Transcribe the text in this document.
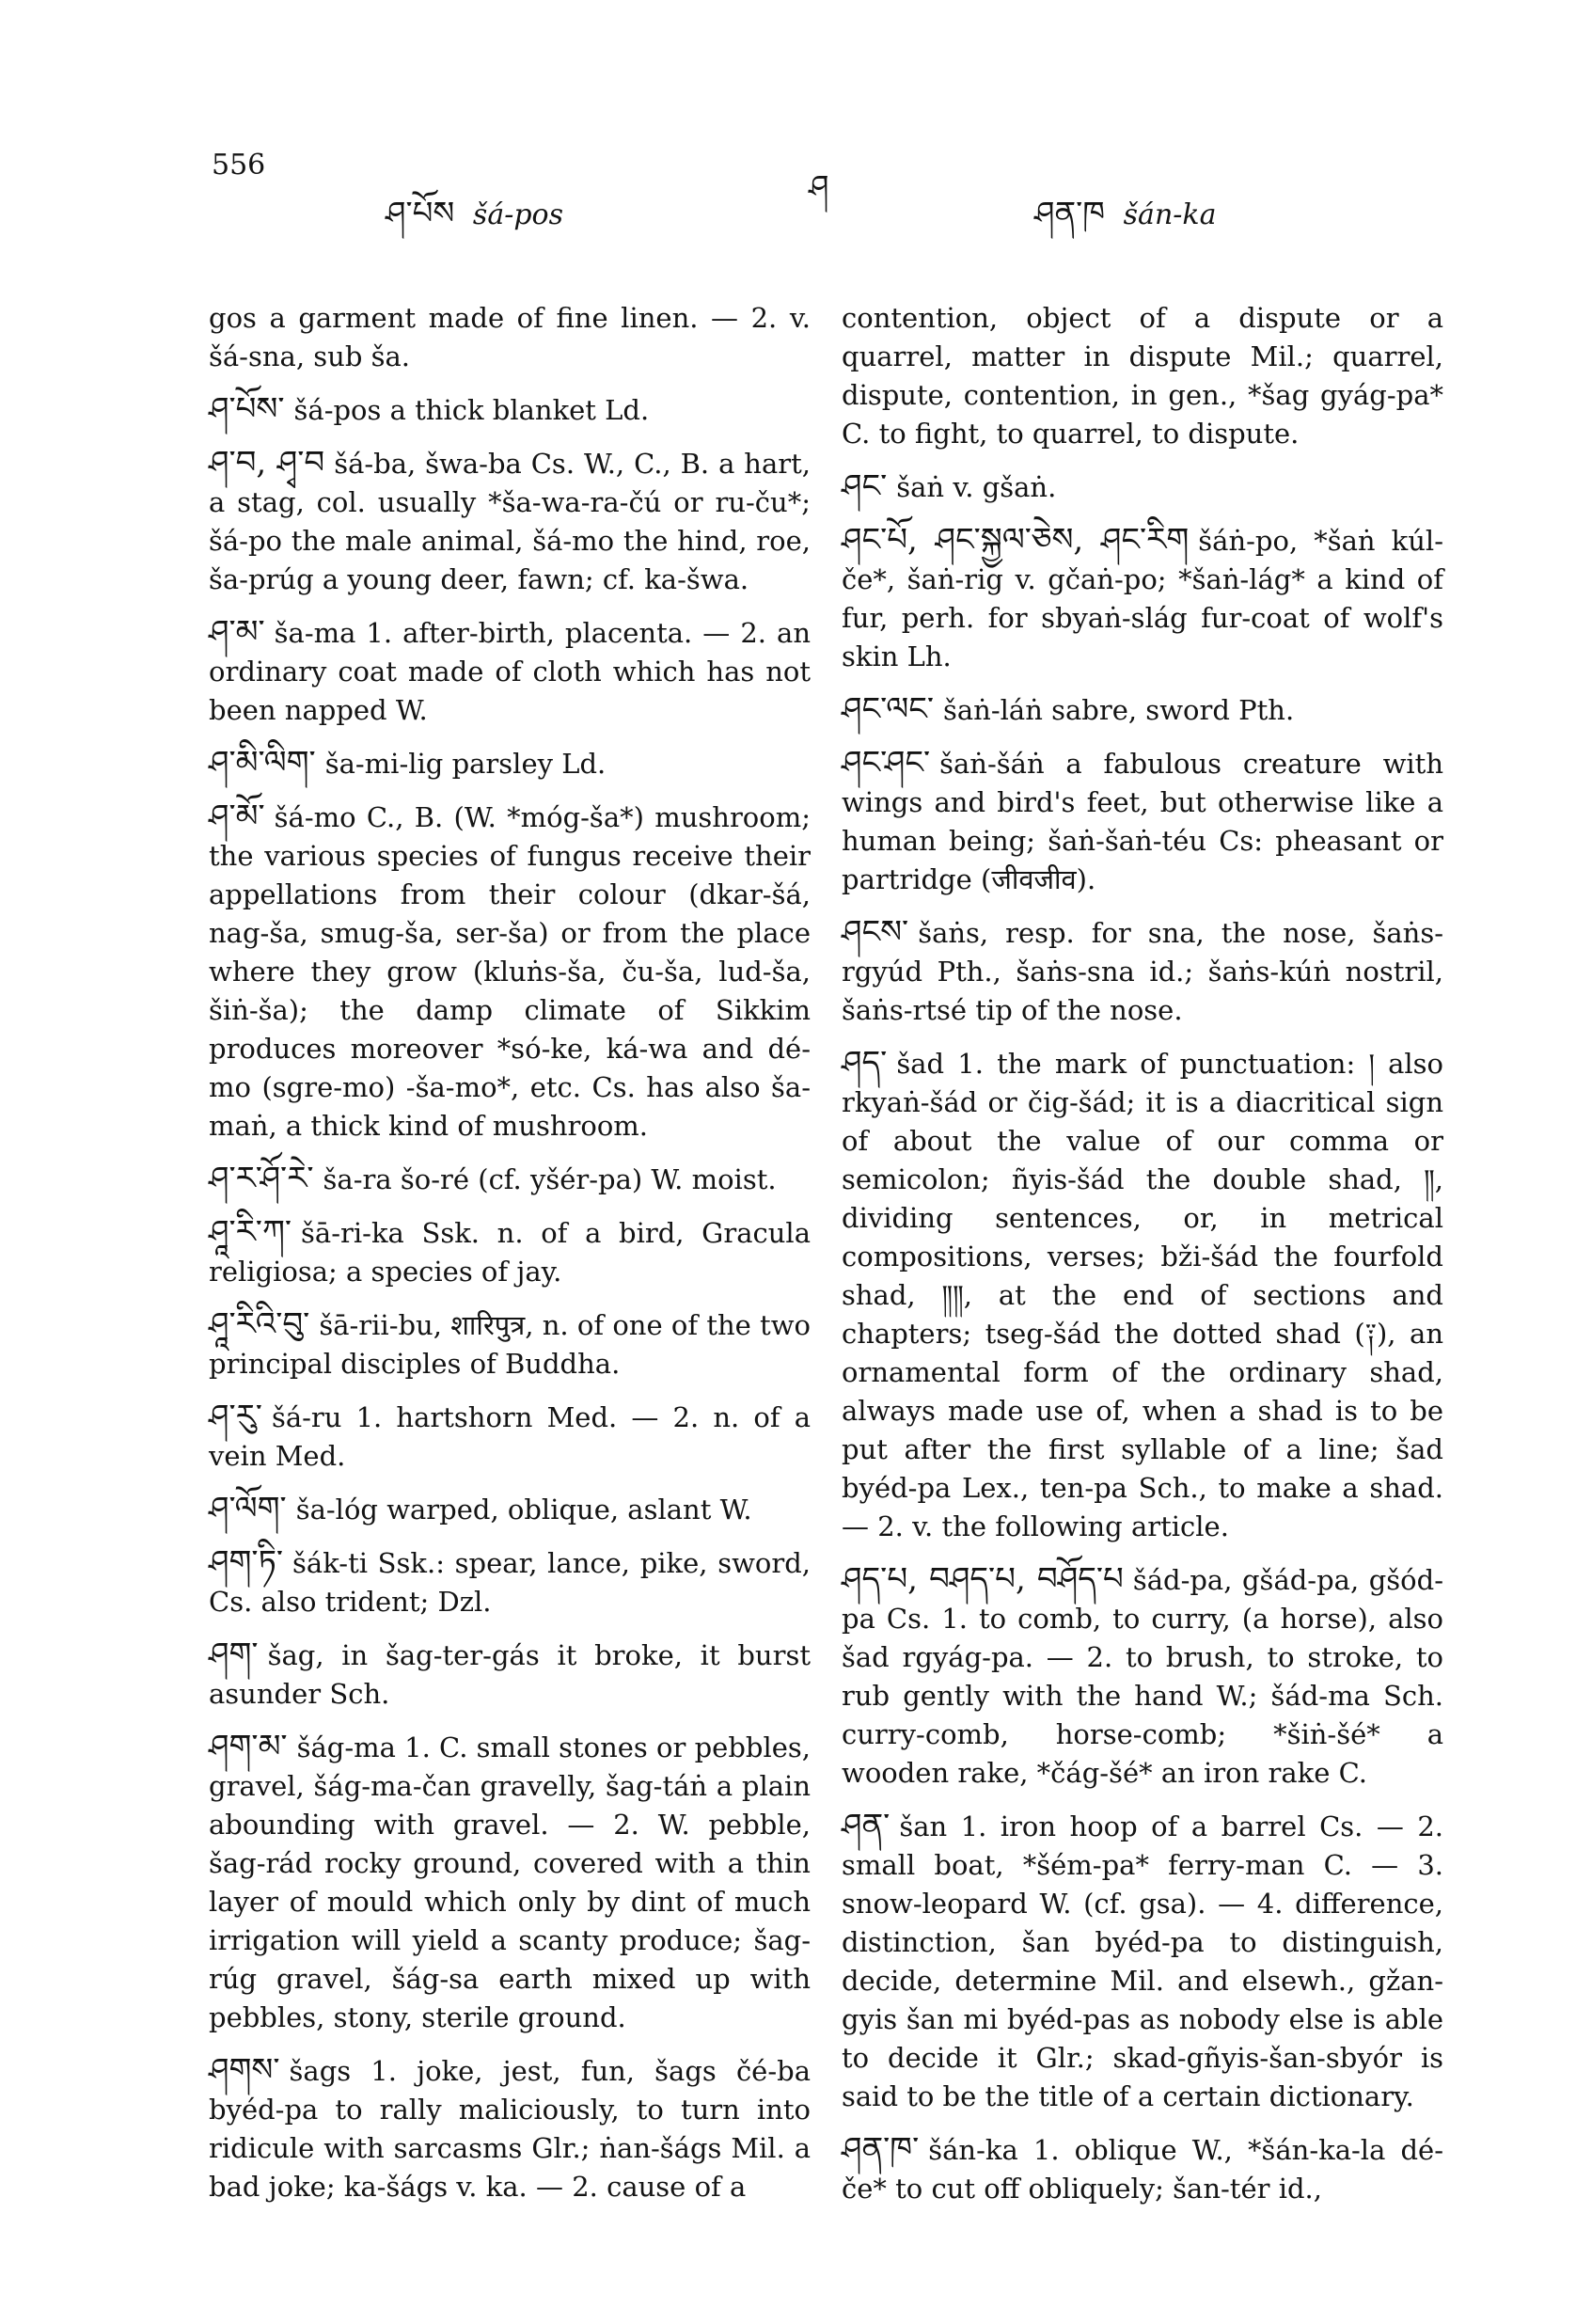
556
ཤ་པོས šá-pos
ཤ
ཤན་ཁ šán-ka

gos a garment made of fine linen. — 2. v. šá-sna, sub ša.

ཤ་པོས་ šá-pos a thick blanket Ld.

ཤ་བ, ཤྭ་བ šá-ba, šwa-ba Cs. W., C., B. a hart, a stag, col. usually *ša-wa-ra-čú or ru-ču*; šá-po the male animal, šá-mo the hind, roe, ša-prúg a young deer, fawn; cf. ka-šwa.

ཤ་མ་ ša-ma 1. after-birth, placenta. — 2. an ordinary coat made of cloth which has not been napped W.

ཤ་མི་ལིག་ ša-mi-lig parsley Ld.

ཤ་མོ་ šá-mo C., B. (W. *móg-ša*) mushroom; the various species of fungus receive their appellations from their colour (dkar-šá, nag-ša, smug-ša, ser-ša) or from the place where they grow (kluṅs-ša, ču-ša, lud-ša, šiṅ-ša); the damp climate of Sikkim produces moreover *só-ke, ká-wa and dé-mo (sgre-mo) -ša-mo*, etc. Cs. has also ša-maṅ, a thick kind of mushroom.

ཤ་ར་ཤོ་རེ་ ša-ra šo-ré (cf. yšér-pa) W. moist.

ཤཱ་རི་ཀ་ šā-ri-ka Ssk. n. of a bird, Gracula religiosa; a species of jay.

ཤཱ་རིའི་བུ་ šā-rii-bu, शारिपुत्र, n. of one of the two principal disciples of Buddha.

ཤ་རུ་ šá-ru 1. hartshorn Med. — 2. n. of a vein Med.

ཤ་ལོག་ ša-lóg warped, oblique, aslant W.

ཤག་ཏི་ šák-ti Ssk.: spear, lance, pike, sword, Cs. also trident; Dzl.

ཤག་ šag, in šag-ter-gás it broke, it burst asunder Sch.

ཤག་མ་ šág-ma 1. C. small stones or pebbles, gravel, šág-ma-čan gravelly, šag-táṅ a plain abounding with gravel. — 2. W. pebble, šag-rád rocky ground, covered with a thin layer of mould which only by dint of much irrigation will yield a scanty produce; šag-rúg gravel, šág-sa earth mixed up with pebbles, stony, sterile ground.

ཤགས་ šags 1. joke, jest, fun, šags čé-ba byéd-pa to rally maliciously, to turn into ridicule with sarcasms Glr.; ṅan-šágs Mil. a bad joke; ka-šágs v. ka. — 2. cause of a

contention, object of a dispute or a quarrel, matter in dispute Mil.; quarrel, dispute, contention, in gen., *šag gyág-pa* C. to fight, to quarrel, to dispute.

ཤང་ šaṅ v. gšaṅ.

ཤང་པོ, ཤང་སྐྱལ་ཅེས, ཤང་རིག šáṅ-po, *šaṅ kúl-če*, šaṅ-rig v. gčaṅ-po; *šaṅ-lág* a kind of fur, perh. for sbyaṅ-slág fur-coat of wolf's skin Lh.

ཤང་ལང་ šaṅ-láṅ sabre, sword Pth.

ཤང་ཤང་ šaṅ-šáṅ a fabulous creature with wings and bird's feet, but otherwise like a human being; šaṅ-šaṅ-téu Cs: pheasant or partridge (जीवजीव).

ཤངས་ šaṅs, resp. for sna, the nose, šaṅs-rgyúd Pth., šaṅs-sna id.; šaṅs-kúṅ nostril, šaṅs-rtsé tip of the nose.

ཤད་ šad 1. the mark of punctuation: ། also rkyaṅ-šád or čig-šád; it is a diacritical sign of about the value of our comma or semicolon; ñyis-šád the double shad, ༎, dividing sentences, or, in metrical compositions, verses; bži-šád the fourfold shad, ༎༎, at the end of sections and chapters; tseg-šád the dotted shad (༑), an ornamental form of the ordinary shad, always made use of, when a shad is to be put after the first syllable of a line; šad byéd-pa Lex., ten-pa Sch., to make a shad. — 2. v. the following article.

ཤད་པ, བཤད་པ, བཤོད་པ šád-pa, gšád-pa, gšód-pa Cs. 1. to comb, to curry, (a horse), also šad rgyág-pa. — 2. to brush, to stroke, to rub gently with the hand W.; šád-ma Sch. curry-comb, horse-comb; *šiṅ-šé* a wooden rake, *čág-šé* an iron rake C.

ཤན་ šan 1. iron hoop of a barrel Cs. — 2. small boat, *šém-pa* ferry-man C. — 3. snow-leopard W. (cf. gsa). — 4. difference, distinction, šan byéd-pa to distinguish, decide, determine Mil. and elsewh., gžan-gyis šan mi byéd-pas as nobody else is able to decide it Glr.; skad-gñyis-šan-sbyór is said to be the title of a certain dictionary.

ཤན་ཁ་ šán-ka 1. oblique W., *šán-ka-la dé-če* to cut off obliquely; šan-tér id.,
